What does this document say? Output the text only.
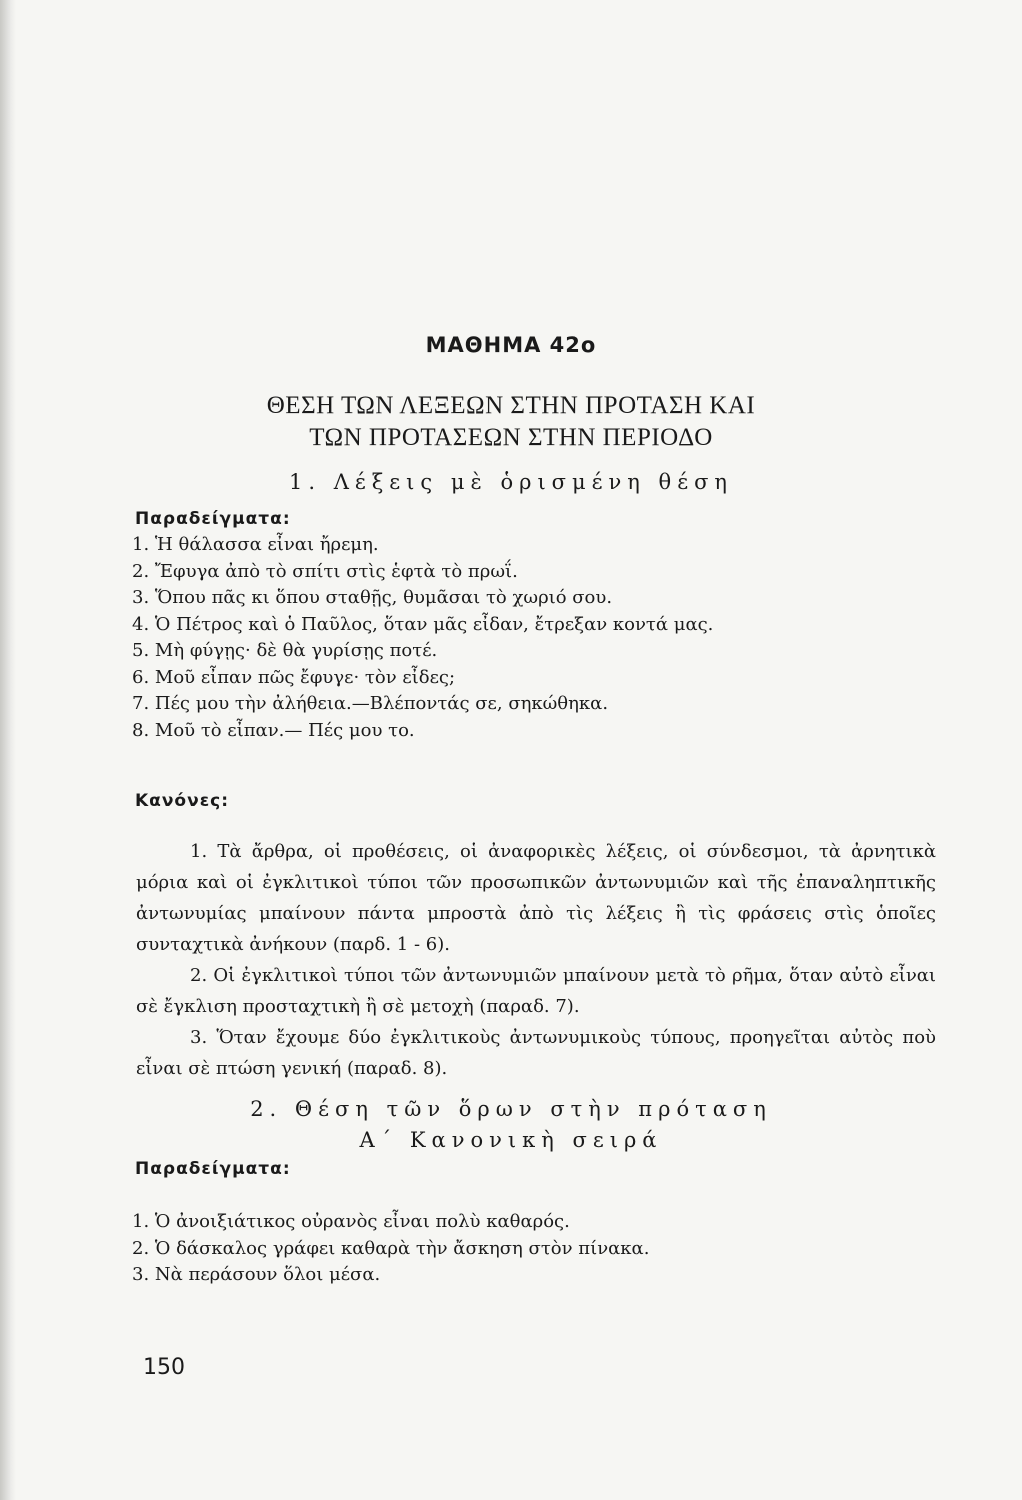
ΜΑΘΗΜΑ 42ο
ΘΕΣΗ ΤΩΝ ΛΕΞΕΩΝ ΣΤΗΝ ΠΡΟΤΑΣΗ ΚΑΙ
ΤΩΝ ΠΡΟΤΑΣΕΩΝ ΣΤΗΝ ΠΕΡΙΟΔΟ
1. Λέξεις μὲ ὁρισμένη θέση
Παραδείγματα:
1. Ἡ θάλασσα εἶναι ἤρεμη.
2. Ἔφυγα ἀπὸ τὸ σπίτι στὶς ἑφτὰ τὸ πρωΐ.
3. Ὅπου πᾶς κι ὅπου σταθῇς, θυμᾶσαι τὸ χωριό σου.
4. Ὁ Πέτρος καὶ ὁ Παῦλος, ὅταν μᾶς εἶδαν, ἔτρεξαν κοντά μας.
5. Μὴ φύγῃς· δὲ θὰ γυρίσῃς ποτέ.
6. Μοῦ εἶπαν πῶς ἔφυγε· τὸν εἶδες;
7. Πές μου τὴν ἀλήθεια.—Βλέποντάς σε, σηκώθηκα.
8. Μοῦ τὸ εἶπαν.— Πές μου το.
Κανόνες:

1. Τὰ ἄρθρα, οἱ προθέσεις, οἱ ἀναφορικὲς λέξεις, οἱ σύνδεσμοι, τὰ ἀρνητικὰ μόρια καὶ οἱ ἐγκλιτικοὶ τύποι τῶν προσωπικῶν ἀντωνυμιῶν καὶ τῆς ἐπαναληπτικῆς ἀντωνυμίας μπαίνουν πάντα μπροστὰ ἀπὸ τὶς λέξεις ἢ τὶς φράσεις στὶς ὁποῖες συνταχτικὰ ἀνήκουν (παρδ. 1 - 6).

2. Οἱ ἐγκλιτικοὶ τύποι τῶν ἀντωνυμιῶν μπαίνουν μετὰ τὸ ρῆμα, ὅταν αὐτὸ εἶναι σὲ ἔγκλιση προσταχτικὴ ἢ σὲ μετοχὴ (παραδ. 7).

3. Ὅταν ἔχουμε δύο ἐγκλιτικοὺς ἀντωνυμικοὺς τύπους, προηγεῖται αὐτὸς ποὺ εἶναι σὲ πτώση γενική (παραδ. 8).

2. Θέση τῶν ὅρων στὴν πρόταση
Α΄ Κανονικὴ σειρά
Παραδείγματα:
1. Ὁ ἀνοιξιάτικος οὐρανὸς εἶναι πολὺ καθαρός.
2. Ὁ δάσκαλος γράφει καθαρὰ τὴν ἄσκηση στὸν πίνακα.
3. Νὰ περάσουν ὅλοι μέσα.
150
